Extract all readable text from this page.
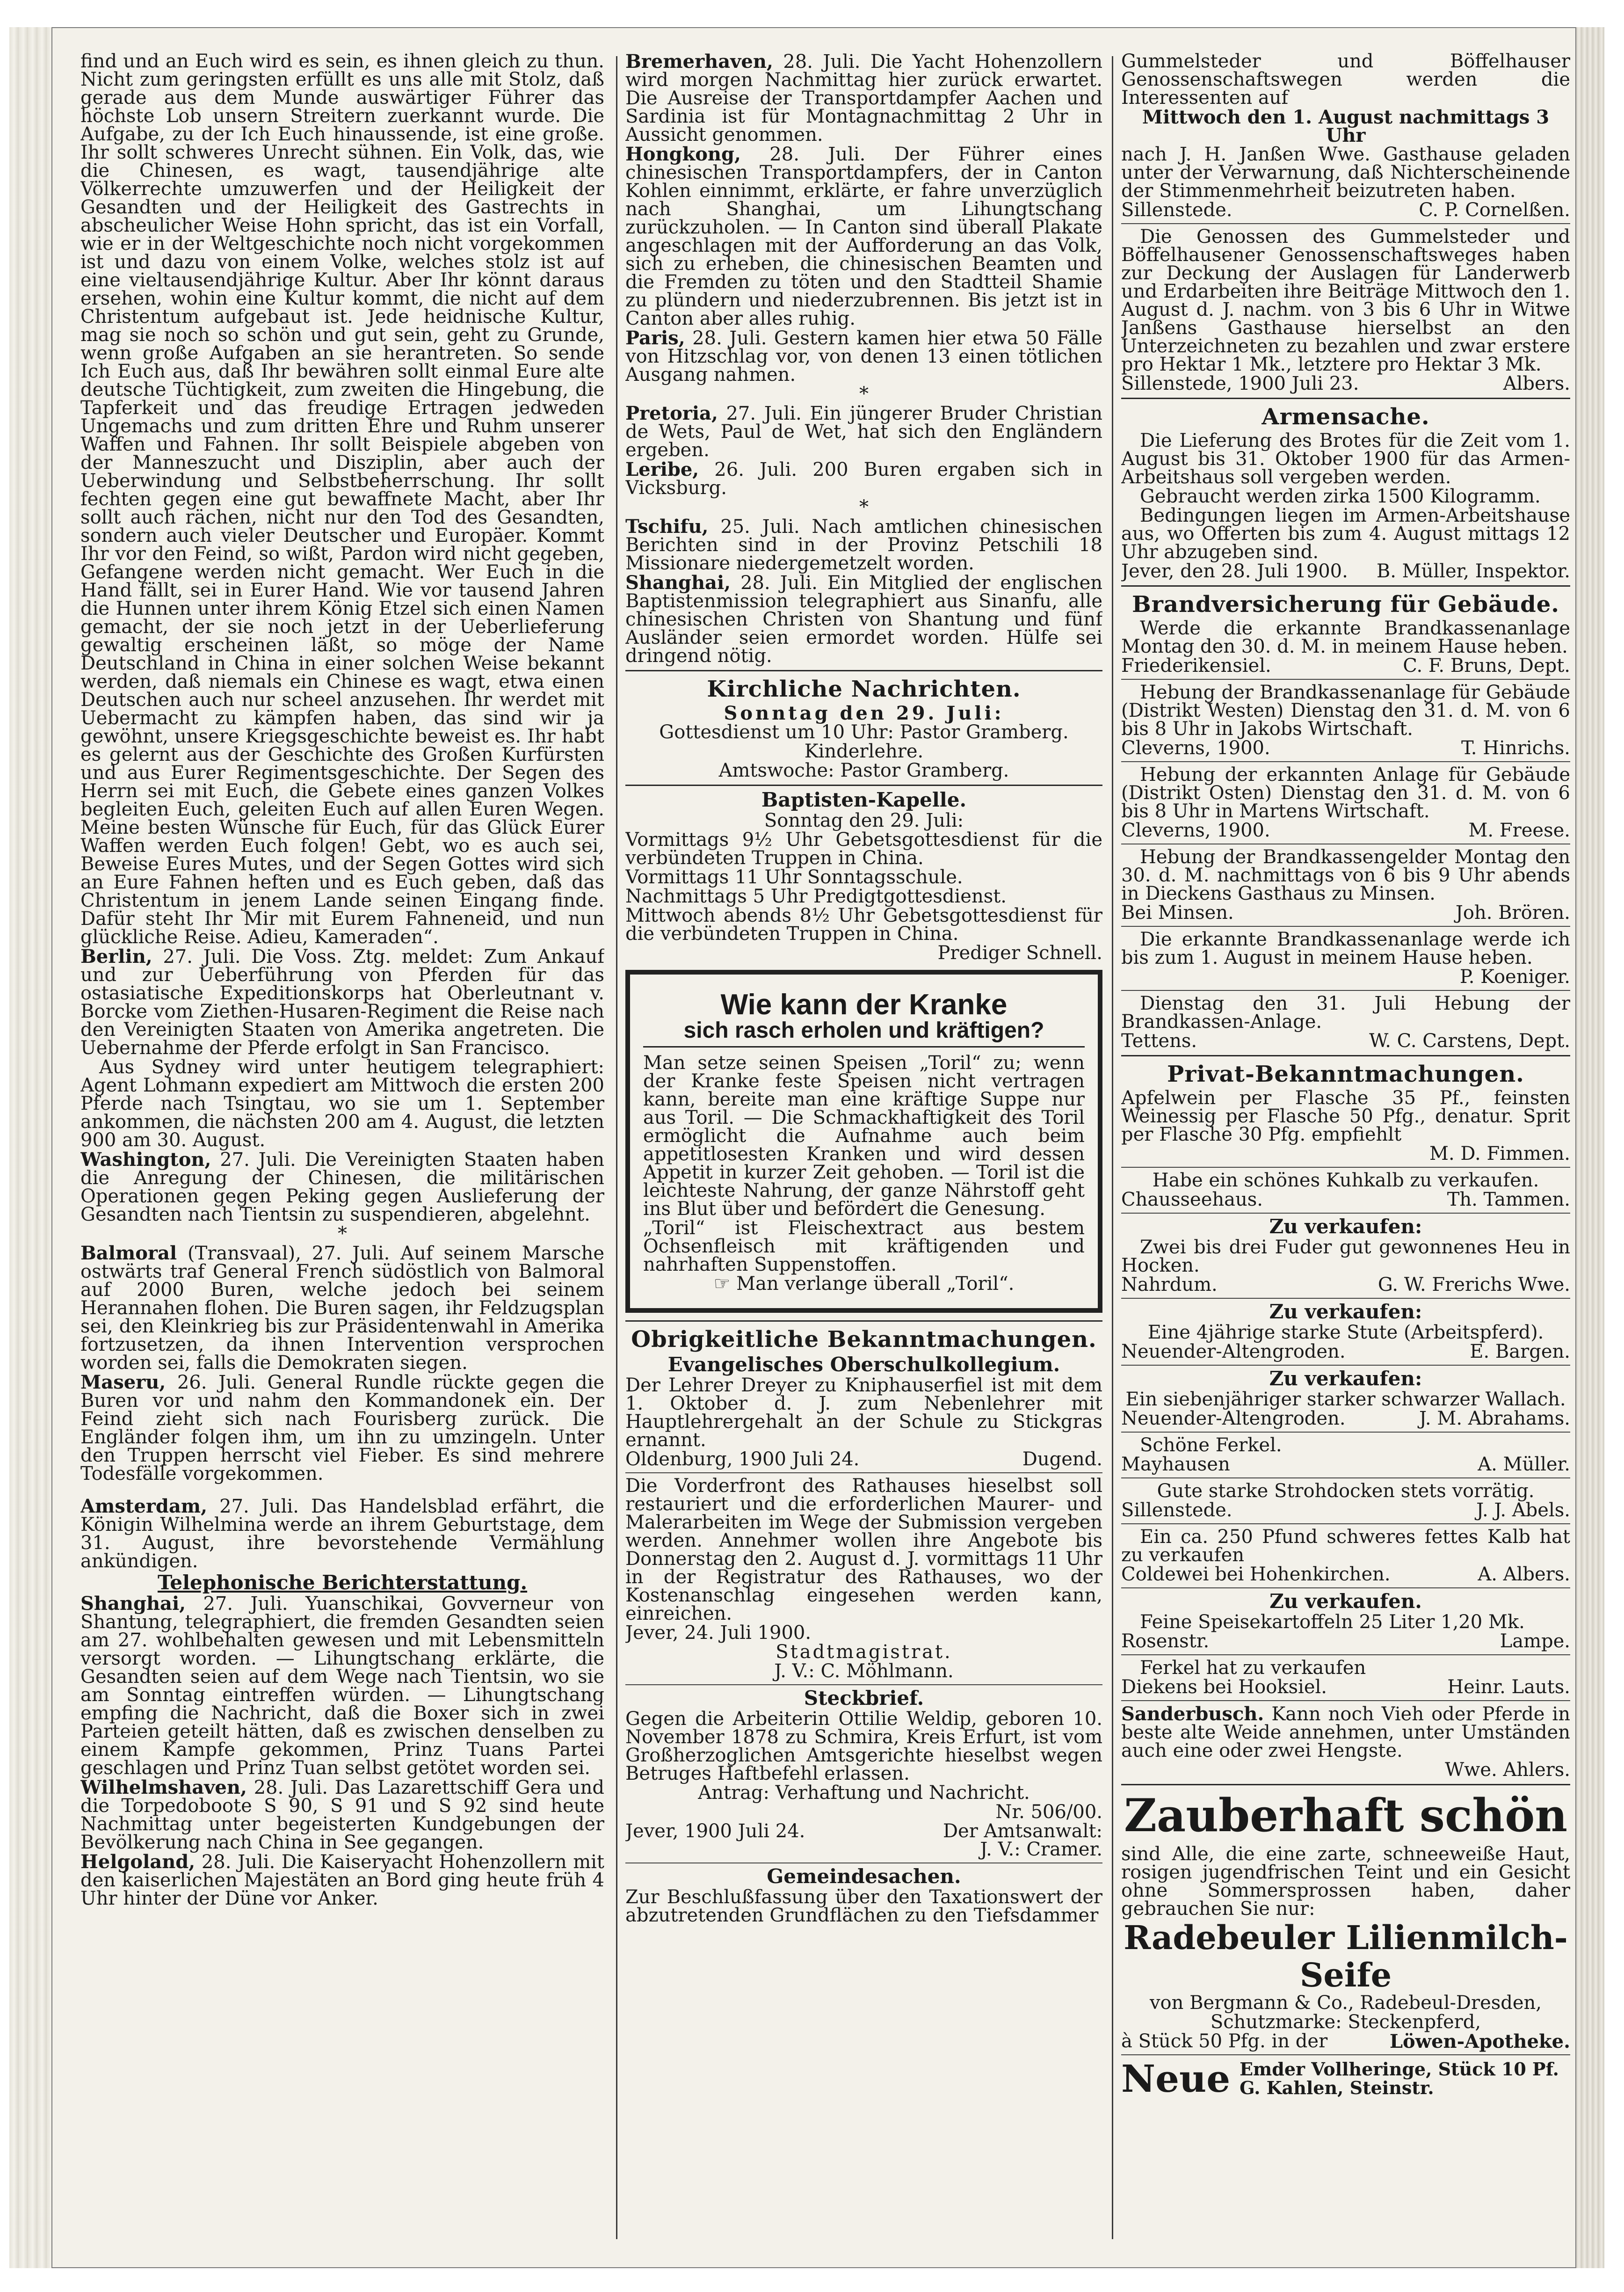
find und an Euch wird es sein, es ihnen gleich zu thun. Nicht zum geringsten erfüllt es uns alle mit Stolz, daß gerade aus dem Munde auswärtiger Führer das höchste Lob unsern Streitern zuerkannt wurde. Die Aufgabe, zu der Ich Euch hinaussende, ist eine große. Ihr sollt schweres Unrecht sühnen. Ein Volk, das, wie die Chinesen, es wagt, tausendjährige alte Völkerrechte umzuwerfen und der Heiligkeit der Gesandten und der Heiligkeit des Gastrechts in abscheulicher Weise Hohn spricht, das ist ein Vorfall, wie er in der Weltgeschichte noch nicht vorgekommen ist und dazu von einem Volke, welches stolz ist auf eine vieltausendjährige Kultur. Aber Ihr könnt daraus ersehen, wohin eine Kultur kommt, die nicht auf dem Christentum aufgebaut ist. Jede heidnische Kultur, mag sie noch so schön und gut sein, geht zu Grunde, wenn große Aufgaben an sie herantreten. So sende Ich Euch aus, daß Ihr bewähren sollt einmal Eure alte deutsche Tüchtigkeit, zum zweiten die Hingebung, die Tapferkeit und das freudige Ertragen jedweden Ungemachs und zum dritten Ehre und Ruhm unserer Waffen und Fahnen. Ihr sollt Beispiele abgeben von der Manneszucht und Disziplin, aber auch der Ueberwindung und Selbstbeherrschung. Ihr sollt fechten gegen eine gut bewaffnete Macht, aber Ihr sollt auch rächen, nicht nur den Tod des Gesandten, sondern auch vieler Deutscher und Europäer. Kommt Ihr vor den Feind, so wißt, Pardon wird nicht gegeben, Gefangene werden nicht gemacht. Wer Euch in die Hand fällt, sei in Eurer Hand. Wie vor tausend Jahren die Hunnen unter ihrem König Etzel sich einen Namen gemacht, der sie noch jetzt in der Ueberlieferung gewaltig erscheinen läßt, so möge der Name Deutschland in China in einer solchen Weise bekannt werden, daß niemals ein Chinese es wagt, etwa einen Deutschen auch nur scheel anzusehen. Ihr werdet mit Uebermacht zu kämpfen haben, das sind wir ja gewöhnt, unsere Kriegsgeschichte beweist es. Ihr habt es gelernt aus der Geschichte des Großen Kurfürsten und aus Eurer Regimentsgeschichte. Der Segen des Herrn sei mit Euch, die Gebete eines ganzen Volkes begleiten Euch, geleiten Euch auf allen Euren Wegen. Meine besten Wünsche für Euch, für das Glück Eurer Waffen werden Euch folgen! Gebt, wo es auch sei, Beweise Eures Mutes, und der Segen Gottes wird sich an Eure Fahnen heften und es Euch geben, daß das Christentum in jenem Lande seinen Eingang finde. Dafür steht Ihr Mir mit Eurem Fahneneid, und nun glückliche Reise. Adieu, Kameraden“.

Berlin, 27. Juli. Die Voss. Ztg. meldet: Zum Ankauf und zur Ueberführung von Pferden für das ostasiatische Expeditionskorps hat Oberleutnant v. Borcke vom Ziethen-Husaren-Regiment die Reise nach den Vereinigten Staaten von Amerika angetreten. Die Uebernahme der Pferde erfolgt in San Francisco.

Aus Sydney wird unter heutigem telegraphiert: Agent Lohmann expediert am Mittwoch die ersten 200 Pferde nach Tsingtau, wo sie um 1. September ankommen, die nächsten 200 am 4. August, die letzten 900 am 30. August.

Washington, 27. Juli. Die Vereinigten Staaten haben die Anregung der Chinesen, die militärischen Operationen gegen Peking gegen Auslieferung der Gesandten nach Tientsin zu suspendieren, abgelehnt.

*

Balmoral (Transvaal), 27. Juli. Auf seinem Marsche ostwärts traf General French südöstlich von Balmoral auf 2000 Buren, welche jedoch bei seinem Herannahen flohen. Die Buren sagen, ihr Feldzugsplan sei, den Kleinkrieg bis zur Präsidentenwahl in Amerika fortzusetzen, da ihnen Intervention versprochen worden sei, falls die Demokraten siegen.

Maseru, 26. Juli. General Rundle rückte gegen die Buren vor und nahm den Kommandonek ein. Der Feind zieht sich nach Fourisberg zurück. Die Engländer folgen ihm, um ihn zu umzingeln. Unter den Truppen herrscht viel Fieber. Es sind mehrere Todesfälle vorgekommen.

Amsterdam, 27. Juli. Das Handelsblad erfährt, die Königin Wilhelmina werde an ihrem Geburtstage, dem 31. August, ihre bevorstehende Vermählung ankündigen.

Telephonische Berichterstattung.

Shanghai, 27. Juli. Yuanschikai, Govverneur von Shantung, telegraphiert, die fremden Gesandten seien am 27. wohlbehalten gewesen und mit Lebensmitteln versorgt worden. — Lihungtschang erklärte, die Gesandten seien auf dem Wege nach Tientsin, wo sie am Sonntag eintreffen würden. — Lihungtschang empfing die Nachricht, daß die Boxer sich in zwei Parteien geteilt hätten, daß es zwischen denselben zu einem Kampfe gekommen, Prinz Tuans Partei geschlagen und Prinz Tuan selbst getötet worden sei.

Wilhelmshaven, 28. Juli. Das Lazarettschiff Gera und die Torpedoboote S 90, S 91 und S 92 sind heute Nachmittag unter begeisterten Kundgebungen der Bevölkerung nach China in See gegangen.

Helgoland, 28. Juli. Die Kaiseryacht Hohenzollern mit den kaiserlichen Majestäten an Bord ging heute früh 4 Uhr hinter der Düne vor Anker.

Bremerhaven, 28. Juli. Die Yacht Hohenzollern wird morgen Nachmittag hier zurück erwartet. Die Ausreise der Transportdampfer Aachen und Sardinia ist für Montagnachmittag 2 Uhr in Aussicht genommen.

Hongkong, 28. Juli. Der Führer eines chinesischen Transportdampfers, der in Canton Kohlen einnimmt, erklärte, er fahre unverzüglich nach Shanghai, um Lihungtschang zurückzuholen. — In Canton sind überall Plakate angeschlagen mit der Aufforderung an das Volk, sich zu erheben, die chinesischen Beamten und die Fremden zu töten und den Stadtteil Shamie zu plündern und niederzubrennen. Bis jetzt ist in Canton aber alles ruhig.

Paris, 28. Juli. Gestern kamen hier etwa 50 Fälle von Hitzschlag vor, von denen 13 einen tötlichen Ausgang nahmen.

*

Pretoria, 27. Juli. Ein jüngerer Bruder Christian de Wets, Paul de Wet, hat sich den Engländern ergeben.

Leribe, 26. Juli. 200 Buren ergaben sich in Vicksburg.

*

Tschifu, 25. Juli. Nach amtlichen chinesischen Berichten sind in der Provinz Petschili 18 Missionare niedergemetzelt worden.

Shanghai, 28. Juli. Ein Mitglied der englischen Baptistenmission telegraphiert aus Sinanfu, alle chinesischen Christen von Shantung und fünf Ausländer seien ermordet worden. Hülfe sei dringend nötig.

Kirchliche Nachrichten.

Sonntag den 29. Juli:

Gottesdienst um 10 Uhr: Pastor Gramberg.

Kinderlehre.

Amtswoche: Pastor Gramberg.

Baptisten-Kapelle.

Sonntag den 29. Juli:

Vormittags 9½ Uhr Gebetsgottesdienst für die verbündeten Truppen in China.

Vormittags 11 Uhr Sonntagsschule.

Nachmittags 5 Uhr Predigtgottesdienst.

Mittwoch abends 8½ Uhr Gebetsgottesdienst für die verbündeten Truppen in China.

Prediger Schnell.

Wie kann der Kranke
sich rasch erholen und kräftigen?

Man setze seinen Speisen „Toril“ zu; wenn der Kranke feste Speisen nicht vertragen kann, bereite man eine kräftige Suppe nur aus Toril. — Die Schmackhaftigkeit des Toril ermöglicht die Aufnahme auch beim appetitlosesten Kranken und wird dessen Appetit in kurzer Zeit gehoben. — Toril ist die leichteste Nahrung, der ganze Nährstoff geht ins Blut über und befördert die Genesung.

„Toril“ ist Fleischextract aus bestem Ochsenfleisch mit kräftigenden und nahrhaften Suppenstoffen.

☞ Man verlange überall „Toril“.

Obrigkeitliche Bekanntmachungen.
Evangelisches Oberschulkollegium.

Der Lehrer Dreyer zu Kniphauserfiel ist mit dem 1. Oktober d. J. zum Nebenlehrer mit Hauptlehrergehalt an der Schule zu Stickgras ernannt.

Oldenburg, 1900 Juli 24.	Dugend.

Die Vorderfront des Rathauses hieselbst soll restauriert und die erforderlichen Maurer- und Malerarbeiten im Wege der Submission vergeben werden. Annehmer wollen ihre Angebote bis Donnerstag den 2. August d. J. vormittags 11 Uhr in der Registratur des Rathauses, wo der Kostenanschlag eingesehen werden kann, einreichen.

Jever, 24. Juli 1900.

Stadtmagistrat.

J. V.: C. Möhlmann.

Steckbrief.

Gegen die Arbeiterin Ottilie Weldip, geboren 10. November 1878 zu Schmira, Kreis Erfurt, ist vom Großherzoglichen Amtsgerichte hieselbst wegen Betruges Haftbefehl erlassen.

Antrag: Verhaftung und Nachricht.

Nr. 506/00.

Jever, 1900 Juli 24.	Der Amtsanwalt:

J. V.: Cramer.

Gemeindesachen.

Zur Beschlußfassung über den Taxationswert der abzutretenden Grundflächen zu den Tiefsdammer

Gummelsteder und Böffelhauser Genossenschaftswegen werden die Interessenten auf

Mittwoch den 1. August nachmittags 3 Uhr

nach J. H. Janßen Wwe. Gasthause geladen unter der Verwarnung, daß Nichterscheinende der Stimmenmehrheit beizutreten haben.

Sillenstede.	C. P. Cornelßen.

Die Genossen des Gummelsteder und Böffelhausener Genossenschaftsweges haben zur Deckung der Auslagen für Landerwerb und Erdarbeiten ihre Beiträge Mittwoch den 1. August d. J. nachm. von 3 bis 6 Uhr in Witwe Janßens Gasthause hierselbst an den Unterzeichneten zu bezahlen und zwar erstere pro Hektar 1 Mk., letztere pro Hektar 3 Mk.

Sillenstede, 1900 Juli 23.	Albers.
Armensache.

Die Lieferung des Brotes für die Zeit vom 1. August bis 31. Oktober 1900 für das Armen-Arbeitshaus soll vergeben werden.

Gebraucht werden zirka 1500 Kilogramm.

Bedingungen liegen im Armen-Arbeitshause aus, wo Offerten bis zum 4. August mittags 12 Uhr abzugeben sind.

Jever, den 28. Juli 1900. B. Müller, Inspektor.
Brandversicherung für Gebäude.

Werde die erkannte Brandkassenanlage Montag den 30. d. M. in meinem Hause heben.

Friederikensiel.	C. F. Bruns, Dept.

Hebung der Brandkassenanlage für Gebäude (Distrikt Westen) Dienstag den 31. d. M. von 6 bis 8 Uhr in Jakobs Wirtschaft.

Cleverns, 1900.	T. Hinrichs.

Hebung der erkannten Anlage für Gebäude (Distrikt Osten) Dienstag den 31. d. M. von 6 bis 8 Uhr in Martens Wirtschaft.

Cleverns, 1900.	M. Freese.

Hebung der Brandkassengelder Montag den 30. d. M. nachmittags von 6 bis 9 Uhr abends in Dieckens Gasthaus zu Minsen.

Bei Minsen.	Joh. Brören.

Die erkannte Brandkassenanlage werde ich bis zum 1. August in meinem Hause heben.

P. Koeniger.

Dienstag den 31. Juli Hebung der Brandkassen-Anlage.

Tettens.	W. C. Carstens, Dept.
Privat-Bekanntmachungen.

Apfelwein per Flasche 35 Pf., feinsten Weinessig per Flasche 50 Pfg., denatur. Sprit per Flasche 30 Pfg. empfiehlt

M. D. Fimmen.

Habe ein schönes Kuhkalb zu verkaufen.

Chausseehaus.	Th. Tammen.
Zu verkaufen:

Zwei bis drei Fuder gut gewonnenes Heu in Hocken.

Nahrdum.	G. W. Frerichs Wwe.
Zu verkaufen:

Eine 4jährige starke Stute (Arbeitspferd).

Neuender-Altengroden.	E. Bargen.
Zu verkaufen:

Ein siebenjähriger starker schwarzer Wallach.

Neuender-Altengroden.	J. M. Abrahams.

Schöne Ferkel.

Mayhausen	A. Müller.

Gute starke Strohdocken stets vorrätig.

Sillenstede.	J. J. Abels.

Ein ca. 250 Pfund schweres fettes Kalb hat zu verkaufen

Coldewei bei Hohenkirchen.	A. Albers.
Zu verkaufen.

Feine Speisekartoffeln 25 Liter 1,20 Mk.

Rosenstr.	Lampe.

Ferkel hat zu verkaufen

Diekens bei Hooksiel.	Heinr. Lauts.

Sanderbusch. Kann noch Vieh oder Pferde in beste alte Weide annehmen, unter Umständen auch eine oder zwei Hengste.

Wwe. Ahlers.

Zauberhaft schön

sind Alle, die eine zarte, schneeweiße Haut, rosigen jugendfrischen Teint und ein Gesicht ohne Sommersprossen haben, daher gebrauchen Sie nur:

Radebeuler Lilienmilch-Seife

von Bergmann & Co., Radebeul-Dresden,

Schutzmarke: Steckenpferd,

à Stück 50 Pfg. in der	Löwen-Apotheke.
Neue Emder Vollheringe, Stück 10 Pf.
G. Kahlen, Steinstr.
